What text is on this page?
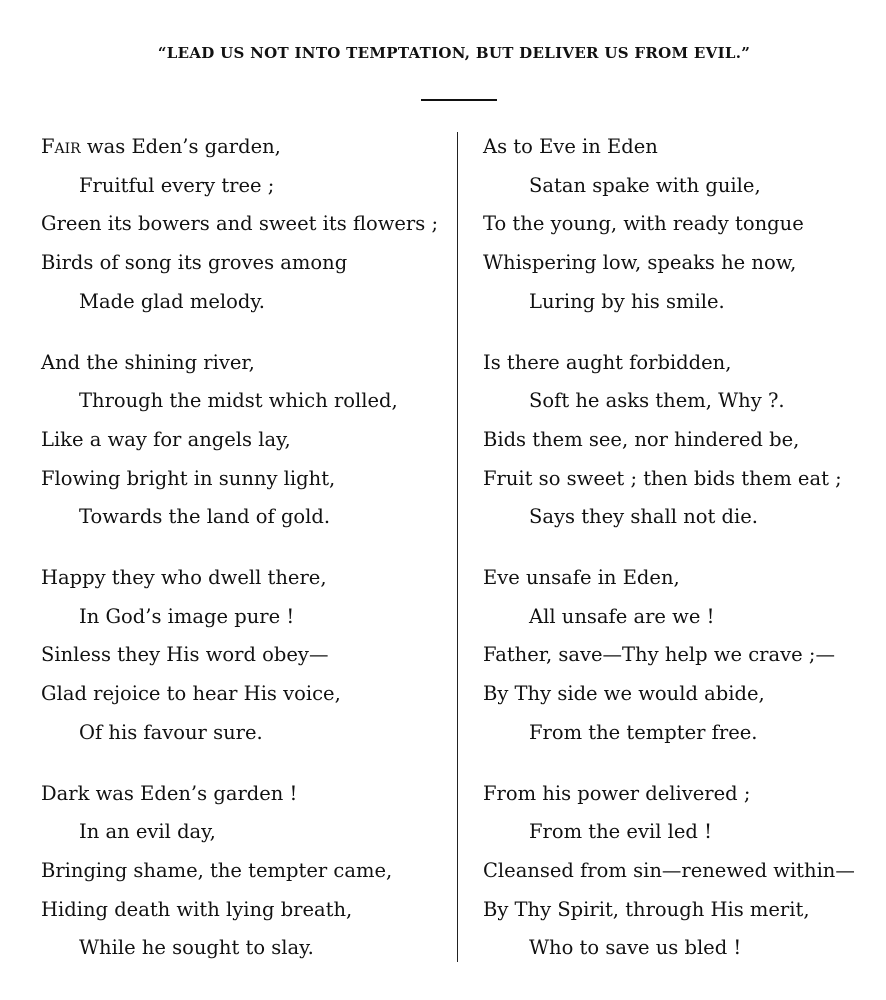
“LEAD US NOT INTO TEMPTATION, BUT DELIVER US FROM EVIL.”
Fair was Eden’s garden,
Fruitful every tree ;
Green its bowers and sweet its flowers ;
Birds of song its groves among
Made glad melody.
And the shining river,
Through the midst which rolled,
Like a way for angels lay,
Flowing bright in sunny light,
Towards the land of gold.
Happy they who dwell there,
In God’s image pure !
Sinless they His word obey—
Glad rejoice to hear His voice,
Of his favour sure.
Dark was Eden’s garden !
In an evil day,
Bringing shame, the tempter came,
Hiding death with lying breath,
While he sought to slay.
As to Eve in Eden
Satan spake with guile,
To the young, with ready tongue
Whispering low, speaks he now,
Luring by his smile.
Is there aught forbidden,
Soft he asks them, Why ?.
Bids them see, nor hindered be,
Fruit so sweet ; then bids them eat ;
Says they shall not die.
Eve unsafe in Eden,
All unsafe are we !
Father, save—Thy help we crave ;—
By Thy side we would abide,
From the tempter free.
From his power delivered ;
From the evil led !
Cleansed from sin—renewed within—
By Thy Spirit, through His merit,
Who to save us bled !
